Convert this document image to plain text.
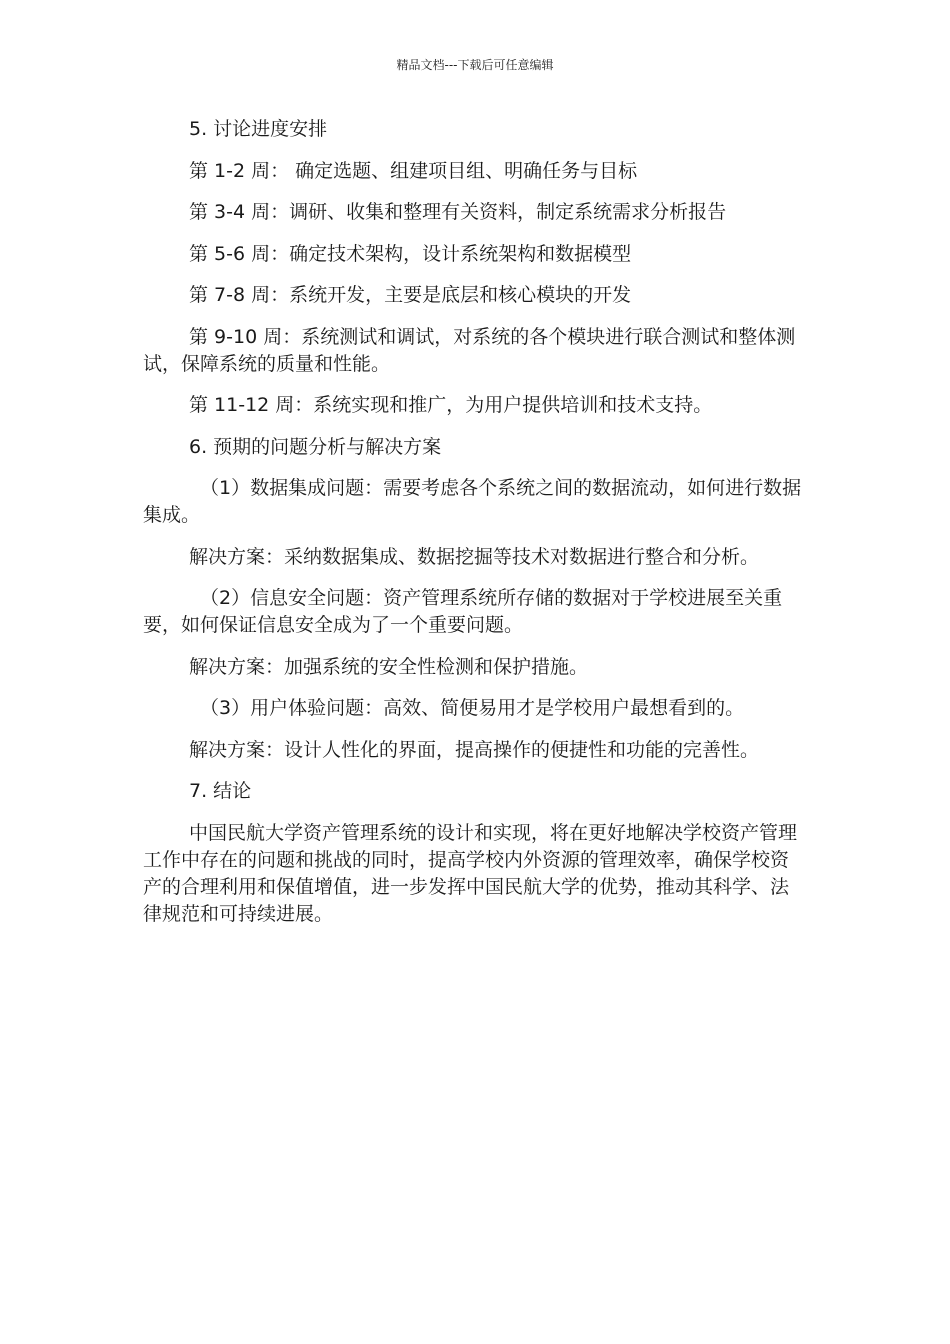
精品文档---下载后可任意编辑

5. 讨论进度安排

第 1-2 周： 确定选题、组建项目组、明确任务与目标

第 3-4 周：调研、收集和整理有关资料，制定系统需求分析报告

第 5-6 周：确定技术架构，设计系统架构和数据模型

第 7-8 周：系统开发，主要是底层和核心模块的开发

第 9-10 周：系统测试和调试，对系统的各个模块进行联合测试和整体测试，保障系统的质量和性能。

第 11-12 周：系统实现和推广，为用户提供培训和技术支持。

6. 预期的问题分析与解决方案

（1）数据集成问题：需要考虑各个系统之间的数据流动，如何进行数据集成。

解决方案：采纳数据集成、数据挖掘等技术对数据进行整合和分析。

（2）信息安全问题：资产管理系统所存储的数据对于学校进展至关重要，如何保证信息安全成为了一个重要问题。

解决方案：加强系统的安全性检测和保护措施。

（3）用户体验问题：高效、简便易用才是学校用户最想看到的。

解决方案：设计人性化的界面，提高操作的便捷性和功能的完善性。

7. 结论

中国民航大学资产管理系统的设计和实现，将在更好地解决学校资产管理工作中存在的问题和挑战的同时，提高学校内外资源的管理效率，确保学校资产的合理利用和保值增值，进一步发挥中国民航大学的优势，推动其科学、法律规范和可持续进展。
